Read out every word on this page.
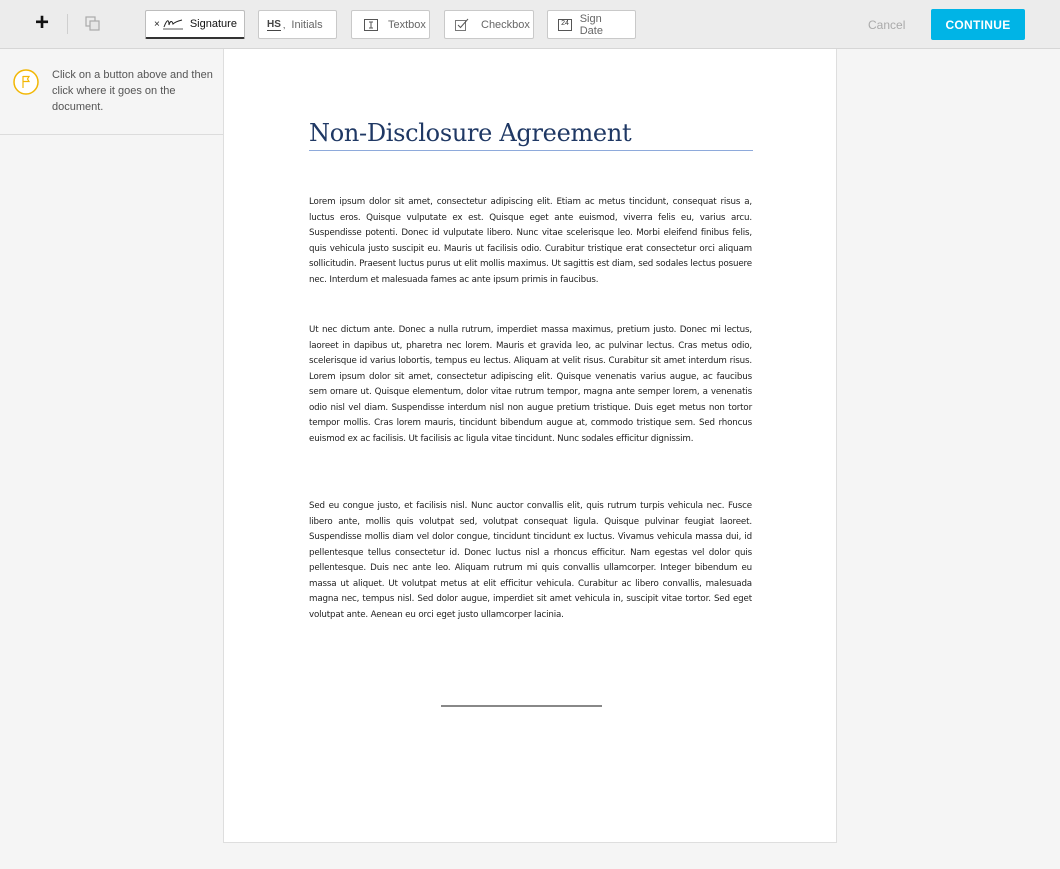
+	×	Signature	HS , Initials	Textbox	Checkbox	24 Sign Date	Cancel	CONTINUE
Click on a button above and then click where it goes on the document.
Non-Disclosure Agreement
Lorem ipsum dolor sit amet, consectetur adipiscing elit. Etiam ac metus tincidunt, consequat risus a, luctus eros. Quisque vulputate ex est. Quisque eget ante euismod, viverra felis eu, varius arcu. Suspendisse potenti. Donec id vulputate libero. Nunc vitae scelerisque leo. Morbi eleifend finibus felis, quis vehicula justo suscipit eu. Mauris ut facilisis odio. Curabitur tristique erat consectetur orci aliquam sollicitudin. Praesent luctus purus ut elit mollis maximus. Ut sagittis est diam, sed sodales lectus posuere nec. Interdum et malesuada fames ac ante ipsum primis in faucibus.
Ut nec dictum ante. Donec a nulla rutrum, imperdiet massa maximus, pretium justo. Donec mi lectus, laoreet in dapibus ut, pharetra nec lorem. Mauris et gravida leo, ac pulvinar lectus. Cras metus odio, scelerisque id varius lobortis, tempus eu lectus. Aliquam at velit risus. Curabitur sit amet interdum risus. Lorem ipsum dolor sit amet, consectetur adipiscing elit. Quisque venenatis varius augue, ac faucibus sem ornare ut. Quisque elementum, dolor vitae rutrum tempor, magna ante semper lorem, a venenatis odio nisl vel diam. Suspendisse interdum nisl non augue pretium tristique. Duis eget metus non tortor tempor mollis. Cras lorem mauris, tincidunt bibendum augue at, commodo tristique sem. Sed rhoncus euismod ex ac facilisis. Ut facilisis ac ligula vitae tincidunt. Nunc sodales efficitur dignissim.
Sed eu congue justo, et facilisis nisl. Nunc auctor convallis elit, quis rutrum turpis vehicula nec. Fusce libero ante, mollis quis volutpat sed, volutpat consequat ligula. Quisque pulvinar feugiat laoreet. Suspendisse mollis diam vel dolor congue, tincidunt tincidunt ex luctus. Vivamus vehicula massa dui, id pellentesque tellus consectetur id. Donec luctus nisl a rhoncus efficitur. Nam egestas vel dolor quis pellentesque. Duis nec ante leo. Aliquam rutrum mi quis convallis ullamcorper. Integer bibendum eu massa ut aliquet. Ut volutpat metus at elit efficitur vehicula. Curabitur ac libero convallis, malesuada magna nec, tempus nisl. Sed dolor augue, imperdiet sit amet vehicula in, suscipit vitae tortor. Sed eget volutpat ante. Aenean eu orci eget justo ullamcorper lacinia.
